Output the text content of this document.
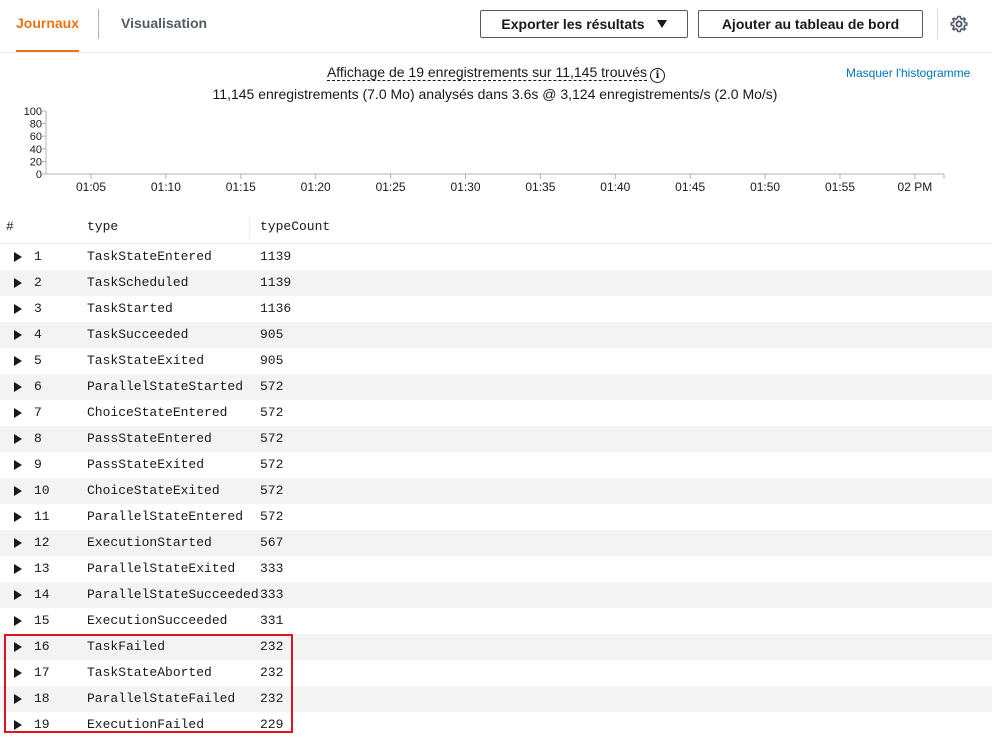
Journaux	Visualisation	Exporter les résultats	Ajouter au tableau de bord
Affichage de 19 enregistrements sur 11,145 trouvés i
11,145 enregistrements (7.0 Mo) analysés dans 3.6s @ 3,124 enregistrements/s (2.0 Mo/s)
Masquer l'histogramme
0
20
40
60
80
100
01:05	01:10	01:15	01:20	01:25	01:30	01:35	01:40	01:45	01:50	01:55	02 PM
#	type	typeCount
1	TaskStateEntered	1139
2	TaskScheduled	1139
3	TaskStarted	1136
4	TaskSucceeded	905
5	TaskStateExited	905
6	ParallelStateStarted 572
7	ChoiceStateEntered	572
8	PassStateEntered	572
9	PassStateExited	572
10	ChoiceStateExited	572
11	ParallelStateEntered 572
12	ExecutionStarted	567
13	ParallelStateExited 333
14	ParallelStateSucceeded 333
15	ExecutionSucceeded	331
16	TaskFailed	232
17	TaskStateAborted	232
18	ParallelStateFailed 232
19	ExecutionFailed	229
